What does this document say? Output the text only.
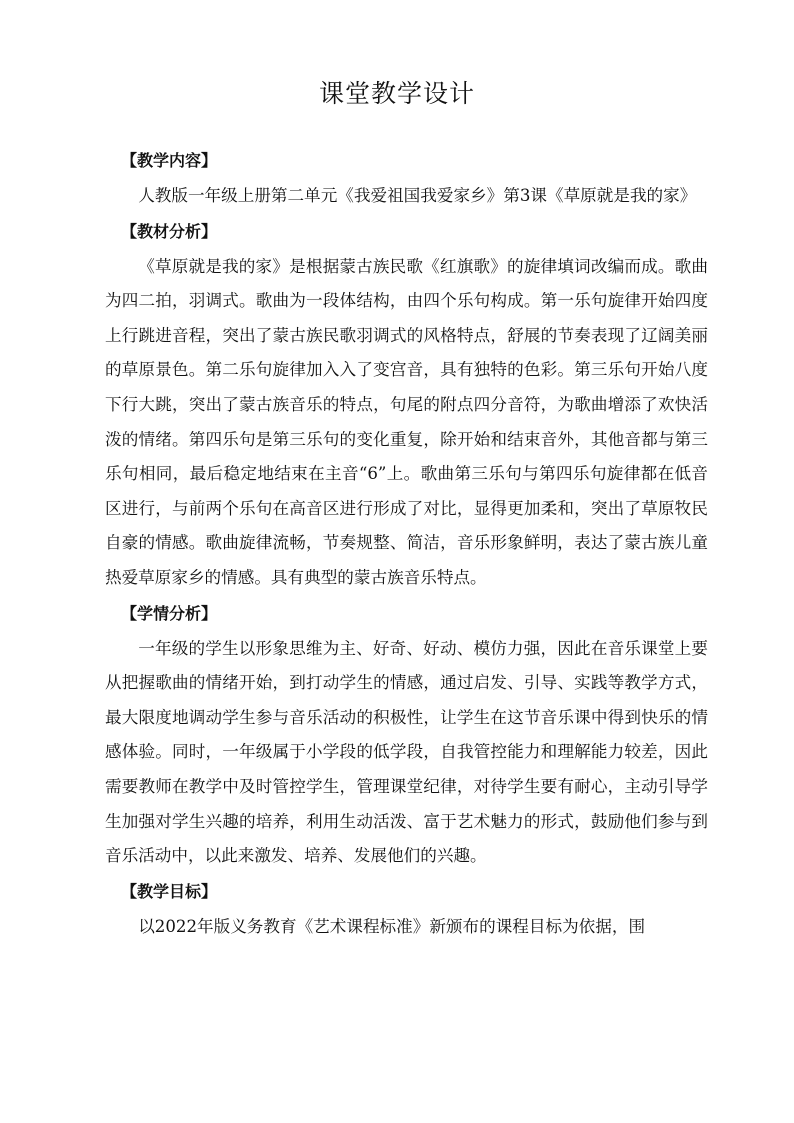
课堂教学设计
【教学内容】

人教版一年级上册第二单元《我爱祖国我爱家乡》第3课《草原就是我的家》

【教材分析】

《草原就是我的家》是根据蒙古族民歌《红旗歌》的旋律填词改编而成。歌曲为四二拍，羽调式。歌曲为一段体结构，由四个乐句构成。第一乐句旋律开始四度上行跳进音程，突出了蒙古族民歌羽调式的风格特点，舒展的节奏表现了辽阔美丽的草原景色。第二乐句旋律加入入了变宫音，具有独特的色彩。第三乐句开始八度下行大跳，突出了蒙古族音乐的特点，句尾的附点四分音符，为歌曲增添了欢快活泼的情绪。第四乐句是第三乐句的变化重复，除开始和结束音外，其他音都与第三乐句相同，最后稳定地结束在主音“6”上。歌曲第三乐句与第四乐句旋律都在低音区进行，与前两个乐句在高音区进行形成了对比，显得更加柔和，突出了草原牧民自豪的情感。歌曲旋律流畅，节奏规整、简洁，音乐形象鲜明，表达了蒙古族儿童热爱草原家乡的情感。具有典型的蒙古族音乐特点。

【学情分析】

一年级的学生以形象思维为主、好奇、好动、模仿力强，因此在音乐课堂上要从把握歌曲的情绪开始，到打动学生的情感，通过启发、引导、实践等教学方式，最大限度地调动学生参与音乐活动的积极性，让学生在这节音乐课中得到快乐的情感体验。同时，一年级属于小学段的低学段，自我管控能力和理解能力较差，因此需要教师在教学中及时管控学生，管理课堂纪律，对待学生要有耐心，主动引导学生加强对学生兴趣的培养，利用生动活泼、富于艺术魅力的形式，鼓励他们参与到音乐活动中，以此来激发、培养、发展他们的兴趣。

【教学目标】

以2022年版义务教育《艺术课程标准》新颁布的课程目标为依据，围
